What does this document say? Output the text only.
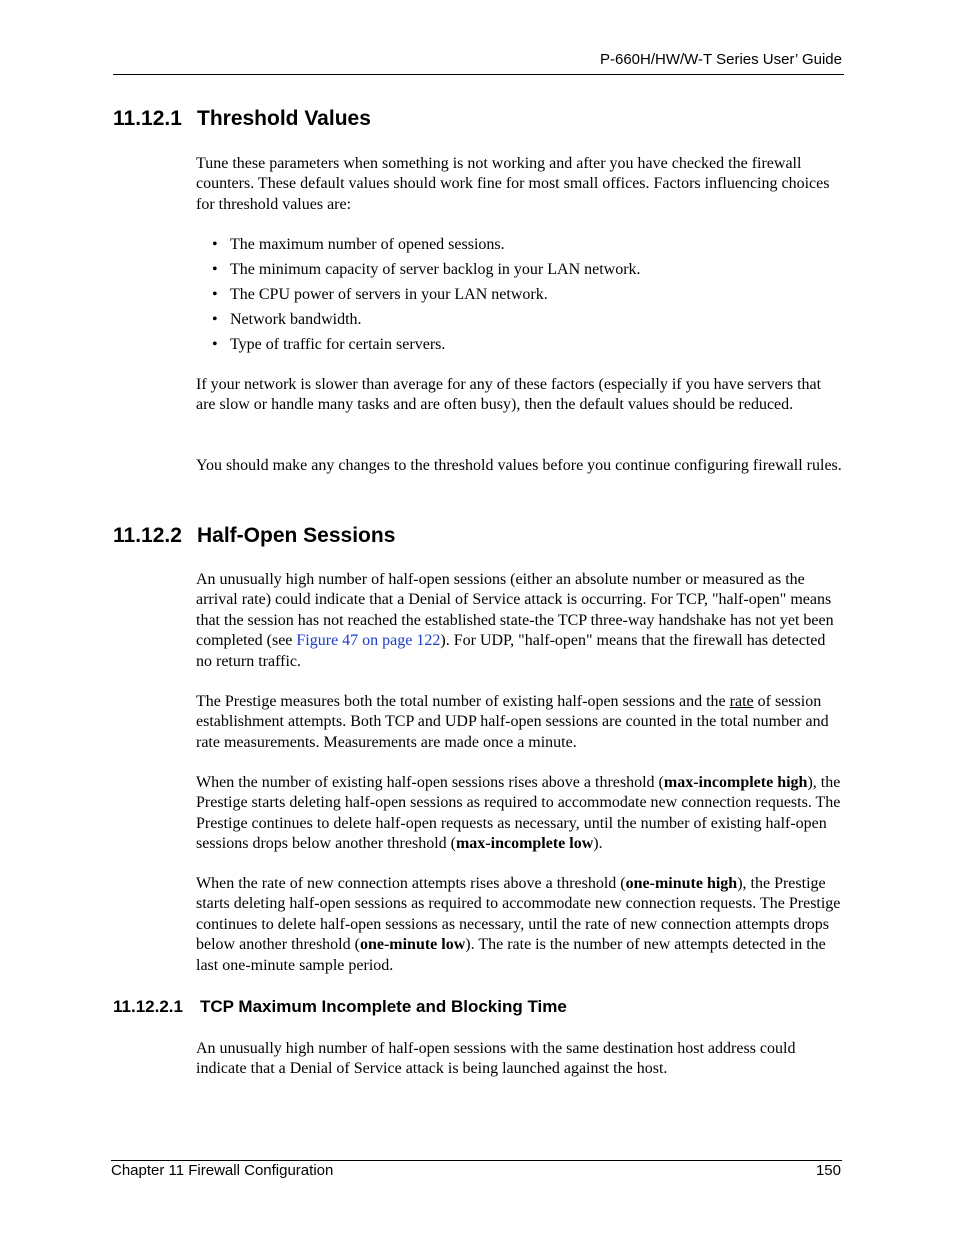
P-660H/HW/W-T Series User’ Guide
11.12.1 Threshold Values

Tune these parameters when something is not working and after you have checked the firewall counters. These default values should work fine for most small offices. Factors influencing choices for threshold values are:

• The maximum number of opened sessions.
• The minimum capacity of server backlog in your LAN network.
• The CPU power of servers in your LAN network.
• Network bandwidth.
• Type of traffic for certain servers.

If your network is slower than average for any of these factors (especially if you have servers that are slow or handle many tasks and are often busy), then the default values should be reduced.

You should make any changes to the threshold values before you continue configuring firewall rules.

11.12.2 Half-Open Sessions

An unusually high number of half-open sessions (either an absolute number or measured as the arrival rate) could indicate that a Denial of Service attack is occurring. For TCP, "half-open" means that the session has not reached the established state-the TCP three-way handshake has not yet been completed (see Figure 47 on page 122). For UDP, "half-open" means that the firewall has detected no return traffic.

The Prestige measures both the total number of existing half-open sessions and the rate of session establishment attempts. Both TCP and UDP half-open sessions are counted in the total number and rate measurements. Measurements are made once a minute.

When the number of existing half-open sessions rises above a threshold (max-incomplete high), the Prestige starts deleting half-open sessions as required to accommodate new connection requests. The Prestige continues to delete half-open requests as necessary, until the number of existing half-open sessions drops below another threshold (max-incomplete low).

When the rate of new connection attempts rises above a threshold (one-minute high), the Prestige starts deleting half-open sessions as required to accommodate new connection requests. The Prestige continues to delete half-open sessions as necessary, until the rate of new connection attempts drops below another threshold (one-minute low). The rate is the number of new attempts detected in the last one-minute sample period.

11.12.2.1 TCP Maximum Incomplete and Blocking Time

An unusually high number of half-open sessions with the same destination host address could indicate that a Denial of Service attack is being launched against the host.

Chapter 11 Firewall Configuration	150
